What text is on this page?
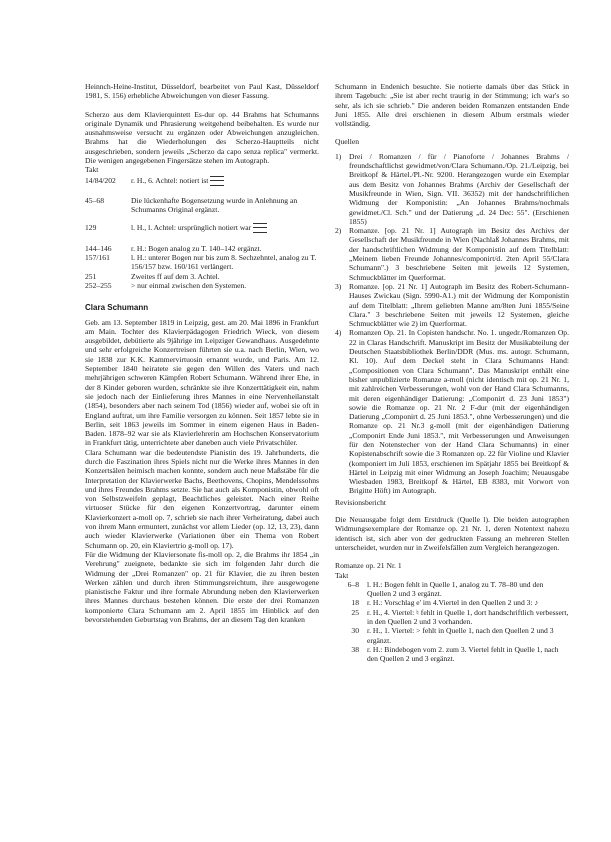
Heinnch-Heine-Institut, Düsseldorf, bearbeitet von Paul Kast, Düsseldorf 1981, S. 156) erhebliche Abweichungen von dieser Fassung.

Scherzo aus dem Klavierquintett Es-dur op. 44 Brahms hat Schumanns originale Dynamik und Phrasierung weitgehend beibehalten. Es wurde nur ausnahmsweise versucht zu ergänzen oder Abweichungen anzugleichen. Brahms hat die Wiederholungen des Scherzo-Hauptteils nicht ausgeschrieben, sondern jeweils „Scherzo da capo senza replica" vermerkt. Die wenigen angegebenen Fingersätze stehen im Autograph.

Takt
14/84/202	r. H., 6. Achtel: notiert ist
45–68	Die lückenhafte Bogensetzung wurde in Anlehnung an Schumanns Original ergänzt.
129	l. H., l. Achtel: ursprünglich notiert war
144–146	r. H.: Bogen analog zu T. 140–142 ergänzt.
157/161	l. H.: unterer Bogen nur bis zum 8. Sechzehntel, analog zu T. 156/157 bzw. 160/161 verlängert.
251	Zweites ff auf dem 3. Achtel.
252–255	> nur einmal zwischen den Systemen.
Clara Schumann

Geb. am 13. September 1819 in Leipzig, gest. am 20. Mai 1896 in Frankfurt am Main. Tochter des Klavierpädagogen Friedrich Wieck, von diesem ausgebildet, debütierte als 9jährige im Leipziger Gewandhaus. Ausgedehnte und sehr erfolgreiche Konzertreisen führten sie u.a. nach Berlin, Wien, wo sie 1838 zur K.K. Kammervirtuosin ernannt wurde, und Paris. Am 12. September 1840 heiratete sie gegen den Willen des Vaters und nach mehrjährigen schweren Kämpfen Robert Schumann. Während ihrer Ehe, in der 8 Kinder geboren wurden, schränkte sie ihre Konzerttätigkeit ein, nahm sie jedoch nach der Einlieferung ihres Mannes in eine Nervenheilanstalt (1854), besonders aber nach seinem Tod (1856) wieder auf, wobei sie oft in England auftrat, um ihre Familie versorgen zu können. Seit 1857 lebte sie in Berlin, seit 1863 jeweils im Sommer in einem eigenen Haus in Baden-Baden. 1878–92 war sie als Klavierlehrerin am Hochschen Konservatorium in Frankfurt tätig, unterrichtete aber daneben auch viele Privatschüler.

Clara Schumann war die bedeutendste Pianistin des 19. Jahrhunderts, die durch die Faszination ihres Spiels nicht nur die Werke ihres Mannes in den Konzertsälen heimisch machen konnte, sondern auch neue Maßstäbe für die Interpretation der Klavierwerke Bachs, Beethovens, Chopins, Mendelssohns und ihres Freundes Brahms setzte. Sie hat auch als Komponistin, obwohl oft von Selbstzweifeln geplagt, Beachtliches geleistet. Nach einer Reihe virtuoser Stücke für den eigenen Konzertvortrag, darunter einem Klavierkonzert a-moll op. 7, schrieb sie nach ihrer Verheiratung, dabei auch von ihrem Mann ermuntert, zunächst vor allem Lieder (op. 12, 13, 23), dann auch wieder Klavierwerke (Variationen über ein Thema von Robert Schumann op. 20, ein Klaviertrio g-moll op. 17).

Für die Widmung der Klaviersonate fis-moll op. 2, die Brahms ihr 1854 „in Verehrung" zueignete, bedankte sie sich im folgenden Jahr durch die Widmung der „Drei Romanzen" op. 21 für Klavier, die zu ihren besten Werken zählen und durch ihren Stimmungsreichtum, ihre ausgewogene pianistische Faktur und ihre formale Abrundung neben den Klavierwerken ihres Mannes durchaus bestehen können. Die erste der drei Romanzen komponierte Clara Schumann am 2. April 1855 im Hinblick auf den bevorstehenden Geburtstag von Brahms, der an diesem Tag den kranken

Schumann in Endenich besuchte. Sie notierte damals über das Stück in ihrem Tagebuch: „Sie ist aber recht traurig in der Stimmung; ich war's so sehr, als ich sie schrieb." Die anderen beiden Romanzen entstanden Ende Juni 1855. Alle drei erschienen in diesem Album erstmals wieder vollständig.

Quellen
1)	Drei / Romanzen / für / Pianoforte / Johannes Brahms / freundschaftlichst gewidmet/von/Clara Schumann./Op. 21./Leipzig, bei Breitkopf & Härtel./Pl.-Nr. 9200. Herangezogen wurde ein Exemplar aus dem Besitz von Johannes Brahms (Archiv der Gesellschaft der Musikfreunde in Wien, Sign. VII. 36352) mit der handschriftlichen Widmung der Komponistin: „An Johannes Brahms/nochmals gewidmet./Cl. Sch." und der Datierung „d. 24 Dec: 55". (Erschienen 1855)
2)	Romanze. [op. 21 Nr. 1] Autograph im Besitz des Archivs der Gesellschaft der Musikfreunde in Wien (Nachlaß Johannes Brahms, mit der handschriftlichen Widmung der Komponistin auf dem Titelblatt: „Meinem lieben Freunde Johannes/componirt/d. 2ten April 55/Clara Schumann".) 3 beschriebene Seiten mit jeweils 12 Systemen, Schmuckblätter im Querformat.
3)	Romanze. [op. 21 Nr. 1] Autograph im Besitz des Robert-Schumann-Hauses Zwickau (Sign. 5990-A1.) mit der Widmung der Komponistin auf dem Titelblatt: „Ihrem geliebten Manne am/8ten Juni 1855/Seine Clara." 3 beschriebene Seiten mit jeweils 12 Systemen, gleiche Schmuckblätter wie 2) im Querformat.
4)	Romanzen Op. 21. In Copisten handschr. No. 1. ungedr./Romanzen Op. 22 in Claras Handschrift. Manuskript im Besitz der Musikabteilung der Deutschen Staatsbibliothek Berlin/DDR (Mus. ms. autogr. Schumann, Kl. 10). Auf dem Deckel steht in Clara Schumanns Hand: „Compositionen von Clara Schumann". Das Manuskript enthält eine bisher unpublizierte Romanze a-moll (nicht identisch mit op. 21 Nr. 1, mit zahlreichen Verbesserungen, wohl von der Hand Clara Schumanns, mit deren eigenhändiger Datierung: „Componirt d. 23 Juni 1853") sowie die Romanze op. 21 Nr. 2 F-dur (mit der eigenhändigen Datierung „Componirt d. 25 Juni 1853.", ohne Verbesserungen) und die Romanze op. 21 Nr.3 g-moll (mit der eigenhändigen Datierung „Componirt Ende Juni 1853.", mit Verbesserungen und Anweisungen für den Notenstecher von der Hand Clara Schumanns) in einer Kopistenabschrift sowie die 3 Romanzen op. 22 für Violine und Klavier (komponiert im Juli 1853, erschienen im Spätjahr 1855 bei Breitkopf & Härtel in Leipzig mit einer Widmung an Joseph Joachim; Neuausgabe Wiesbaden 1983, Breitkopf & Härtel, EB 8383, mit Vorwort von Brigitte Höft) im Autograph.
Revisionsbericht

Die Neuausgabe folgt dem Erstdruck (Quelle l). Die beiden autographen Widmungsexemplare der Romanze op. 21 Nr. 1, deren Notentext nahezu identisch ist, sich aber von der gedruckten Fassung an mehreren Stellen unterscheidet, wurden nur in Zweifelsfällen zum Vergleich herangezogen.

Romanze op. 21 Nr. 1
Takt
6–8	l. H.: Bogen fehlt in Quelle 1, analog zu T. 78–80 und den Quellen 2 und 3 ergänzt.
18	r. H.: Vorschlag e' im 4.Viertel in den Quellen 2 und 3: ♪
25	r. H., 4. Viertel: ♮ fehlt in Quelle 1, dort handschriftlich verbessert, in den Quellen 2 und 3 vorhanden.
30	r. H., 1. Viertel: > fehlt in Quelle 1, nach den Quellen 2 und 3 ergänzt.
38	r. H.: Bindebogen vom 2. zum 3. Viertel fehlt in Quelle 1, nach den Quellen 2 und 3 ergänzt.
